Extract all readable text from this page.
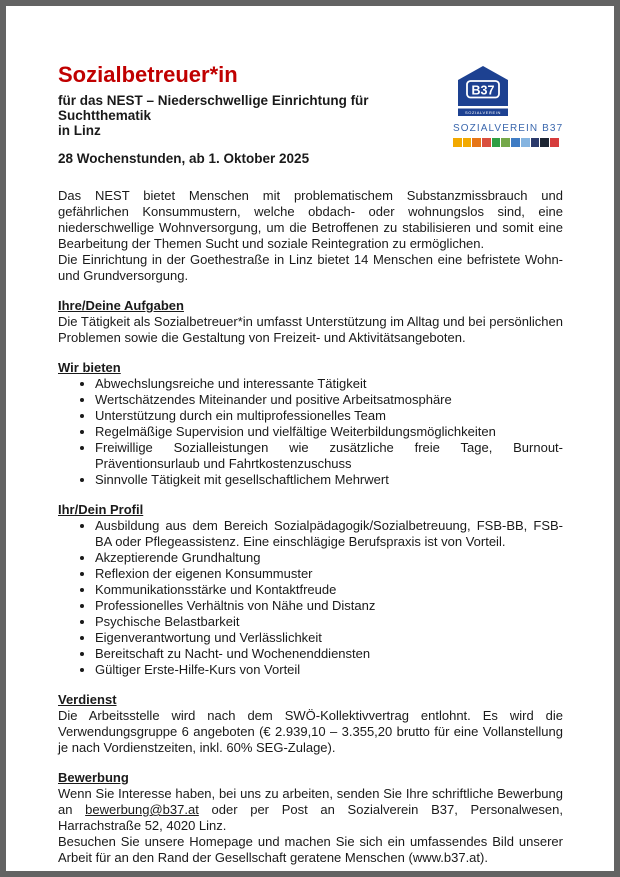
Sozialbetreuer*in

für das NEST – Niederschwellige Einrichtung für Suchtthematik
in Linz

28 Wochenstunden, ab 1. Oktober 2025

B37
SOZIALVEREIN
SOZIALVEREIN B37

Das NEST bietet Menschen mit problematischem Substanzmissbrauch und gefährlichen Konsummustern, welche obdach- oder wohnungslos sind, eine niederschwellige Wohnversorgung, um die Betroffenen zu stabilisieren und somit eine Bearbeitung der Themen Sucht und soziale Reintegration zu ermöglichen.

Die Einrichtung in der Goethestraße in Linz bietet 14 Menschen eine befristete Wohn- und Grundversorgung.

Ihre/Deine Aufgaben

Die Tätigkeit als Sozialbetreuer*in umfasst Unterstützung im Alltag und bei persönlichen Problemen sowie die Gestaltung von Freizeit- und Aktivitätsangeboten.

Wir bieten
• Abwechslungsreiche und interessante Tätigkeit
• Wertschätzendes Miteinander und positive Arbeitsatmosphäre
• Unterstützung durch ein multiprofessionelles Team
• Regelmäßige Supervision und vielfältige Weiterbildungsmöglichkeiten
• Freiwillige Sozialleistungen wie zusätzliche freie Tage, Burnout-Präventionsurlaub und Fahrtkostenzuschuss
• Sinnvolle Tätigkeit mit gesellschaftlichem Mehrwert
Ihr/Dein Profil
• Ausbildung aus dem Bereich Sozialpädagogik/Sozialbetreuung, FSB-BB, FSB-BA oder Pflegeassistenz. Eine einschlägige Berufspraxis ist von Vorteil.
• Akzeptierende Grundhaltung
• Reflexion der eigenen Konsummuster
• Kommunikationsstärke und Kontaktfreude
• Professionelles Verhältnis von Nähe und Distanz
• Psychische Belastbarkeit
• Eigenverantwortung und Verlässlichkeit
• Bereitschaft zu Nacht- und Wochenenddiensten
• Gültiger Erste-Hilfe-Kurs von Vorteil
Verdienst

Die Arbeitsstelle wird nach dem SWÖ-Kollektivvertrag entlohnt. Es wird die Verwendungsgruppe 6 angeboten (€ 2.939,10 – 3.355,20 brutto für eine Vollanstellung je nach Vordienstzeiten, inkl. 60% SEG-Zulage).

Bewerbung

Wenn Sie Interesse haben, bei uns zu arbeiten, senden Sie Ihre schriftliche Bewerbung an bewerbung@b37.at oder per Post an Sozialverein B37, Personalwesen, Harrachstraße 52, 4020 Linz.

Besuchen Sie unsere Homepage und machen Sie sich ein umfassendes Bild unserer Arbeit für an den Rand der Gesellschaft geratene Menschen (www.b37.at).
